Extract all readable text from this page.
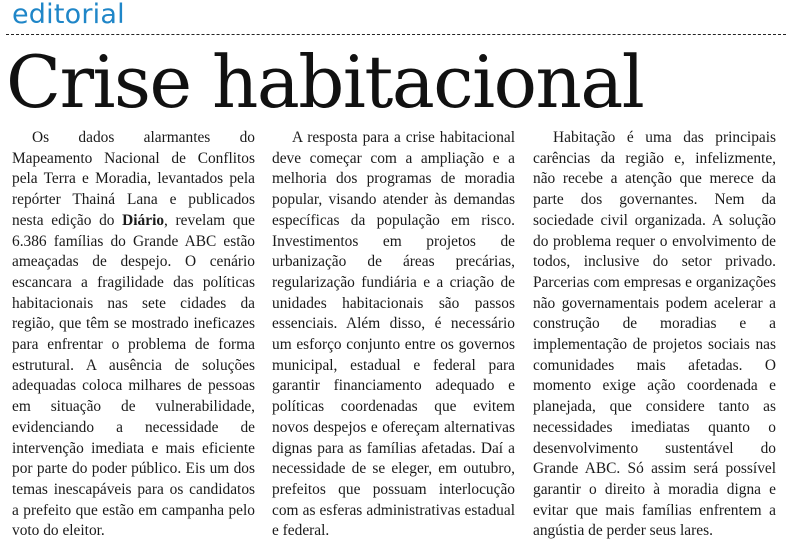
editorial
Crise habitacional

Os dados alarmantes do Mapeamento Nacional de Conflitos pela Terra e Moradia, levantados pela repórter Thainá Lana e publicados nesta edição do Diário, revelam que 6.386 famílias do Grande ABC estão ameaçadas de despejo. O cenário escancara a fragilidade das políticas habitacionais nas sete cidades da região, que têm se mostrado ineficazes para enfrentar o problema de forma estrutural. A ausência de soluções adequadas coloca milhares de pessoas em situação de vulnerabilidade, evidenciando a necessidade de intervenção imediata e mais eficiente por parte do poder público. Eis um dos temas inescapáveis para os candidatos a prefeito que estão em campanha pelo voto do eleitor.

A resposta para a crise habitacional deve começar com a ampliação e a melhoria dos programas de moradia popular, visando atender às demandas específicas da população em risco. Investimentos em projetos de urbanização de áreas precárias, regularização fundiária e a criação de unidades habitacionais são passos essenciais. Além disso, é necessário um esforço conjunto entre os governos municipal, estadual e federal para garantir financiamento adequado e políticas coordenadas que evitem novos despejos e ofereçam alternativas dignas para as famílias afetadas. Daí a necessidade de se eleger, em outubro, prefeitos que possuam interlocução com as esferas administrativas estadual e federal.

Habitação é uma das principais carências da região e, infelizmente, não recebe a atenção que merece da parte dos governantes. Nem da sociedade civil organizada. A solução do problema requer o envolvimento de todos, inclusive do setor privado. Parcerias com empresas e organizações não governamentais podem acelerar a construção de moradias e a implementação de projetos sociais nas comunidades mais afetadas. O momento exige ação coordenada e planejada, que considere tanto as necessidades imediatas quanto o desenvolvimento sustentável do Grande ABC. Só assim será possível garantir o direito à moradia digna e evitar que mais famílias enfrentem a angústia de perder seus lares.
